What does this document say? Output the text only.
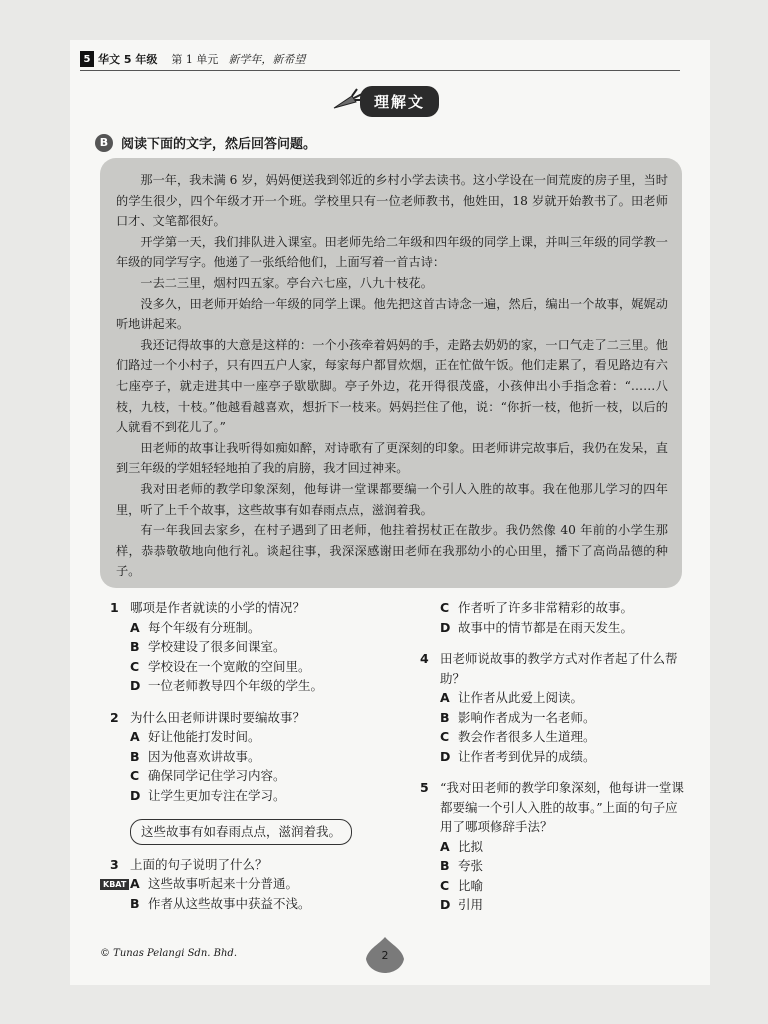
5 华文 5 年级 第 1 单元 新学年，新希望
理解文
B 阅读下面的文字，然后回答问题。

那一年，我未满 6 岁，妈妈便送我到邻近的乡村小学去读书。这小学设在一间荒废的房子里，当时的学生很少，四个年级才开一个班。学校里只有一位老师教书，他姓田，18 岁就开始教书了。田老师口才、文笔都很好。

开学第一天，我们排队进入课室。田老师先给二年级和四年级的同学上课，并叫三年级的同学教一年级的同学写字。他递了一张纸给他们，上面写着一首古诗：

一去二三里，烟村四五家。亭台六七座，八九十枝花。

没多久，田老师开始给一年级的同学上课。他先把这首古诗念一遍，然后，编出一个故事，娓娓动听地讲起来。

我还记得故事的大意是这样的：一个小孩牵着妈妈的手，走路去奶奶的家，一口气走了二三里。他们路过一个小村子，只有四五户人家，每家每户都冒炊烟，正在忙做午饭。他们走累了，看见路边有六七座亭子，就走进其中一座亭子歇歇脚。亭子外边，花开得很茂盛，小孩伸出小手指念着：“……八枝，九枝，十枝。”他越看越喜欢，想折下一枝来。妈妈拦住了他，说：“你折一枝，他折一枝，以后的人就看不到花儿了。”

田老师的故事让我听得如痴如醉，对诗歌有了更深刻的印象。田老师讲完故事后，我仍在发呆，直到三年级的学姐轻轻地拍了我的肩膀，我才回过神来。

我对田老师的教学印象深刻，他每讲一堂课都要编一个引人入胜的故事。我在他那儿学习的四年里，听了上千个故事，这些故事有如春雨点点，滋润着我。

有一年我回去家乡，在村子遇到了田老师，他拄着拐杖正在散步。我仍然像 40 年前的小学生那样，恭恭敬敬地向他行礼。谈起往事，我深深感谢田老师在我那幼小的心田里，播下了高尚品德的种子。

1 哪项是作者就读的小学的情况？
A 每个年级有分班制。
B 学校建设了很多间课室。
C 学校设在一个宽敞的空间里。
D 一位老师教导四个年级的学生。
2 为什么田老师讲课时要编故事？
A 好让他能打发时间。
B 因为他喜欢讲故事。
C 确保同学记住学习内容。
D 让学生更加专注在学习。
这些故事有如春雨点点，滋润着我。
3 上面的句子说明了什么？
A 这些故事听起来十分普通。
B 作者从这些故事中获益不浅。
KBAT
C 作者听了许多非常精彩的故事。
D 故事中的情节都是在雨天发生。
4 田老师说故事的教学方式对作者起了什么帮助？
A 让作者从此爱上阅读。
B 影响作者成为一名老师。
C 教会作者很多人生道理。
D 让作者考到优异的成绩。
5 “我对田老师的教学印象深刻，他每讲一堂课都要编一个引人入胜的故事。”上面的句子应用了哪项修辞手法？
A 比拟
B 夸张
C 比喻
D 引用
© Tunas Pelangi Sdn. Bhd.	2
